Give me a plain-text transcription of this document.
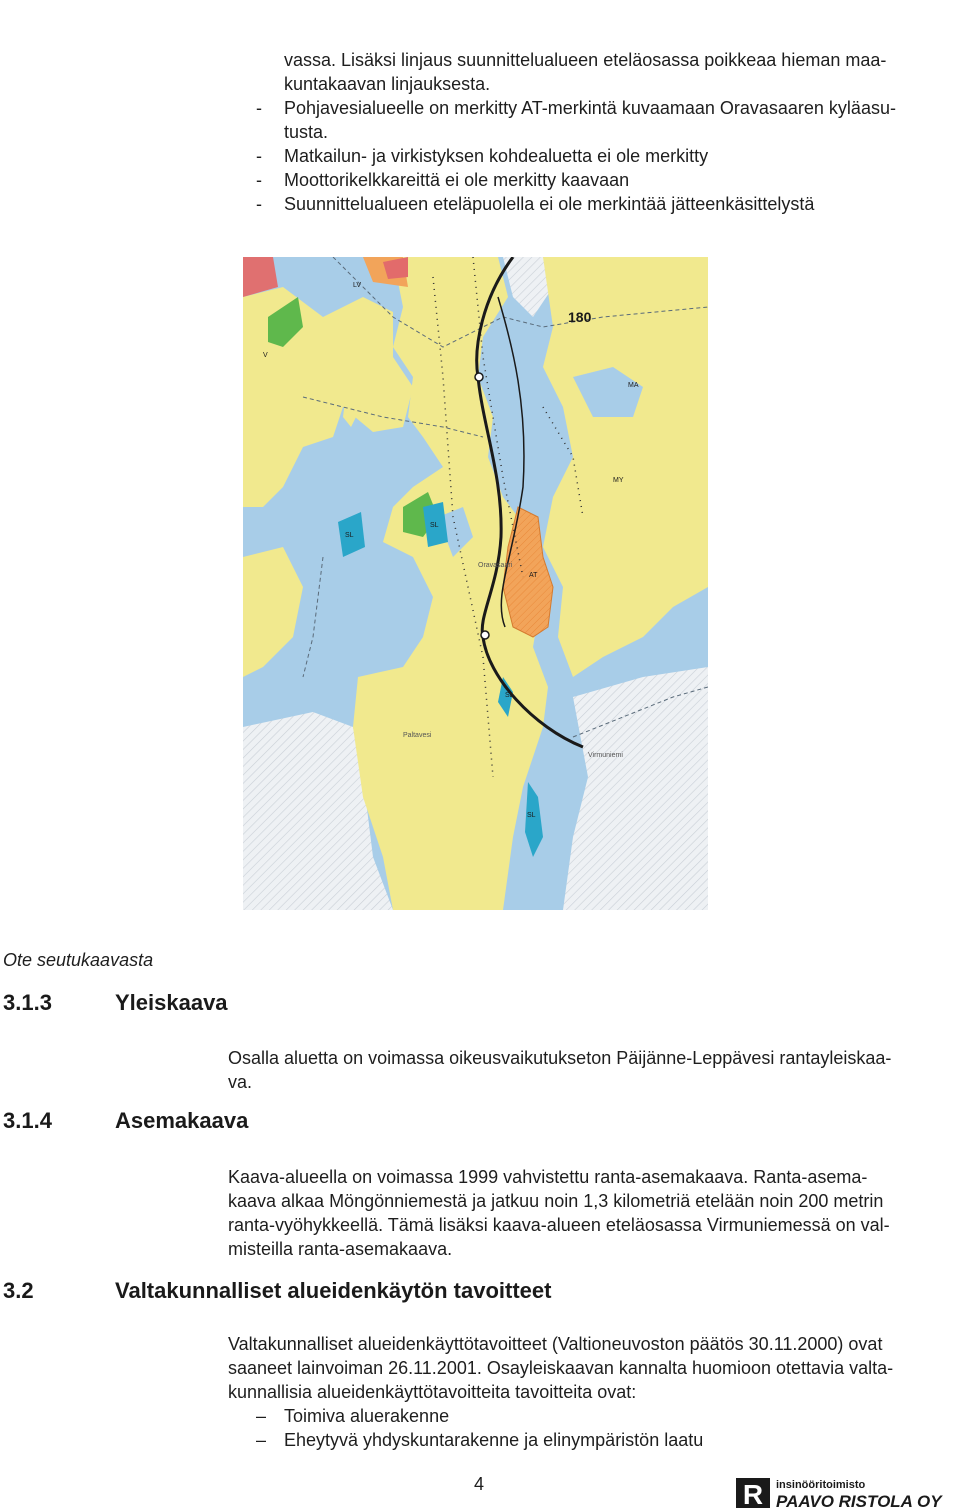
vassa. Lisäksi linjaus suunnittelualueen eteläosassa poikkeaa hieman maa-
kuntakaavan linjauksesta.
-	Pohjavesialueelle on merkitty AT-merkintä kuvaamaan Oravasaaren kyläasu-
tusta.
-	Matkailun- ja virkistyksen kohdealuetta ei ole merkitty
-	Moottorikelkkareittä ei ole merkitty kaavaan
-	Suunnittelualueen eteläpuolella ei ole merkintää jätteenkäsittelystä
180
AT
SL
SL
SL
SL
MA
V
LV
MY
Virmuniemi
Oravasaari
Paltavesi
Ote seutukaavasta
3.1.3	Yleiskaava
Osalla aluetta on voimassa oikeusvaikutukseton Päijänne-Leppävesi rantayleiskaa-
va.
3.1.4	Asemakaava
Kaava-alueella on voimassa 1999 vahvistettu ranta-asemakaava. Ranta-asema-
kaava alkaa Möngönniemestä ja jatkuu noin 1,3 kilometriä etelään noin 200 metrin
ranta-vyöhykkeellä. Tämä lisäksi kaava-alueen eteläosassa Virmuniemessä on val-
misteilla ranta-asemakaava.
3.2	Valtakunnalliset alueidenkäytön tavoitteet
Valtakunnalliset alueidenkäyttötavoitteet (Valtioneuvoston päätös 30.11.2000) ovat
saaneet lainvoiman 26.11.2001. Osayleiskaavan kannalta huomioon otettavia valta-
kunnallisia alueidenkäyttötavoitteita tavoitteita ovat:
– Toimiva aluerakenne
– Eheytyvä yhdyskuntarakenne ja elinympäristön laatu
4	R insinööritoimisto
PAAVO RISTOLA OY
